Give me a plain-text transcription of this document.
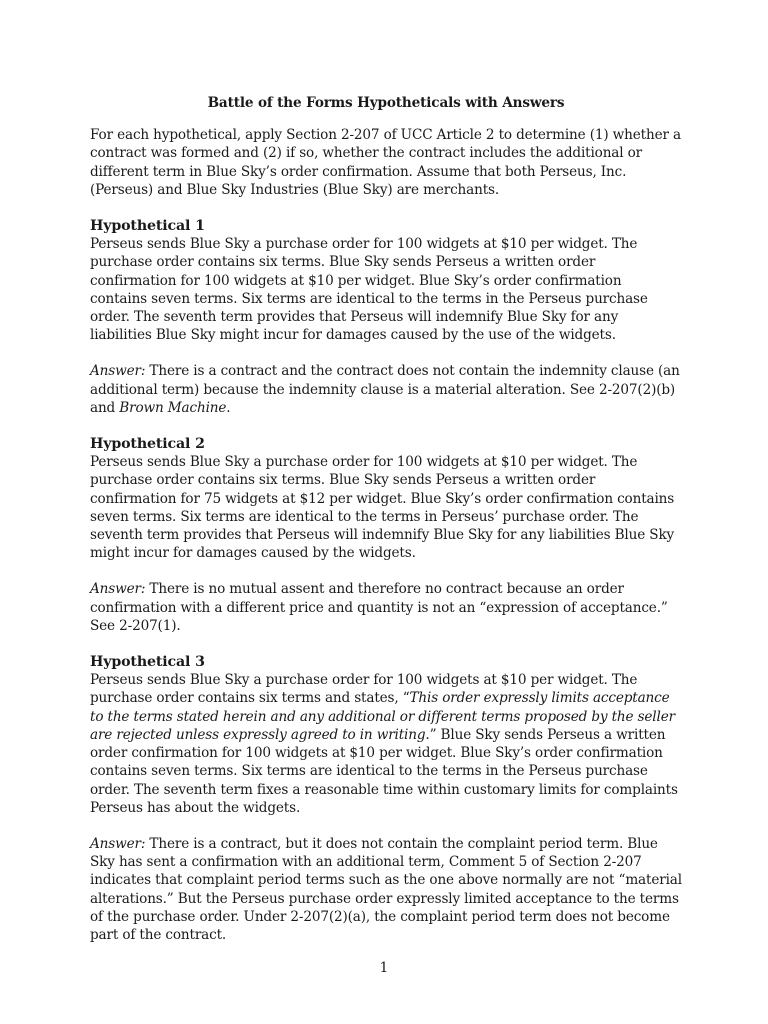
Battle of the Forms Hypotheticals with Answers

For each hypothetical, apply Section 2-207 of UCC Article 2 to determine (1) whether a contract was formed and (2) if so, whether the contract includes the additional or different term in Blue Sky’s order confirmation. Assume that both Perseus, Inc. (Perseus) and Blue Sky Industries (Blue Sky) are merchants.

Hypothetical 1
Perseus sends Blue Sky a purchase order for 100 widgets at $10 per widget. The purchase order contains six terms. Blue Sky sends Perseus a written order confirmation for 100 widgets at $10 per widget. Blue Sky’s order confirmation contains seven terms. Six terms are identical to the terms in the Perseus purchase order. The seventh term provides that Perseus will indemnify Blue Sky for any liabilities Blue Sky might incur for damages caused by the use of the widgets.

Answer: There is a contract and the contract does not contain the indemnity clause (an additional term) because the indemnity clause is a material alteration. See 2-207(2)(b) and Brown Machine.

Hypothetical 2
Perseus sends Blue Sky a purchase order for 100 widgets at $10 per widget. The purchase order contains six terms. Blue Sky sends Perseus a written order confirmation for 75 widgets at $12 per widget. Blue Sky’s order confirmation contains seven terms. Six terms are identical to the terms in Perseus’ purchase order. The seventh term provides that Perseus will indemnify Blue Sky for any liabilities Blue Sky might incur for damages caused by the widgets.

Answer: There is no mutual assent and therefore no contract because an order confirmation with a different price and quantity is not an “expression of acceptance.” See 2-207(1).

Hypothetical 3
Perseus sends Blue Sky a purchase order for 100 widgets at $10 per widget. The purchase order contains six terms and states, “This order expressly limits acceptance to the terms stated herein and any additional or different terms proposed by the seller are rejected unless expressly agreed to in writing.” Blue Sky sends Perseus a written order confirmation for 100 widgets at $10 per widget. Blue Sky’s order confirmation contains seven terms. Six terms are identical to the terms in the Perseus purchase order. The seventh term fixes a reasonable time within customary limits for complaints Perseus has about the widgets.

Answer: There is a contract, but it does not contain the complaint period term. Blue Sky has sent a confirmation with an additional term, Comment 5 of Section 2-207 indicates that complaint period terms such as the one above normally are not “material alterations.” But the Perseus purchase order expressly limited acceptance to the terms of the purchase order. Under 2-207(2)(a), the complaint period term does not become part of the contract.

1
